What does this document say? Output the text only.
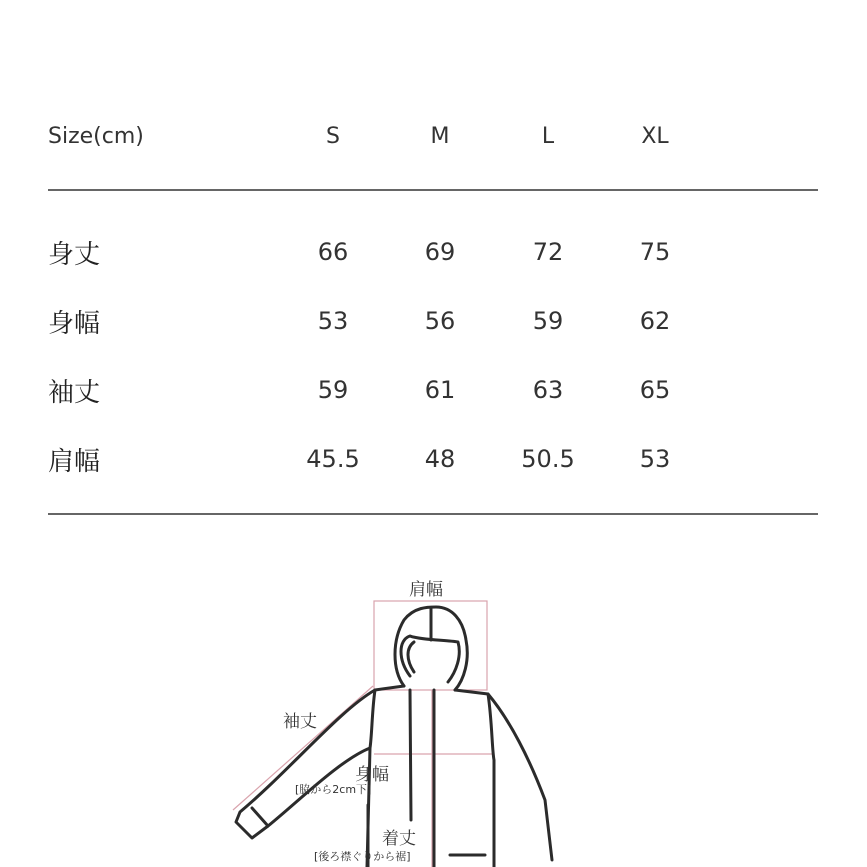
Size(cm)	S	M	L	XL
身丈	66	69	72	75
身幅	53	56	59	62
袖丈	59	61	63	65
肩幅	45.5	48	50.5	53
肩幅
袖丈
身幅
[脇から2cm下]
着丈
[後ろ襟ぐりから裾]
